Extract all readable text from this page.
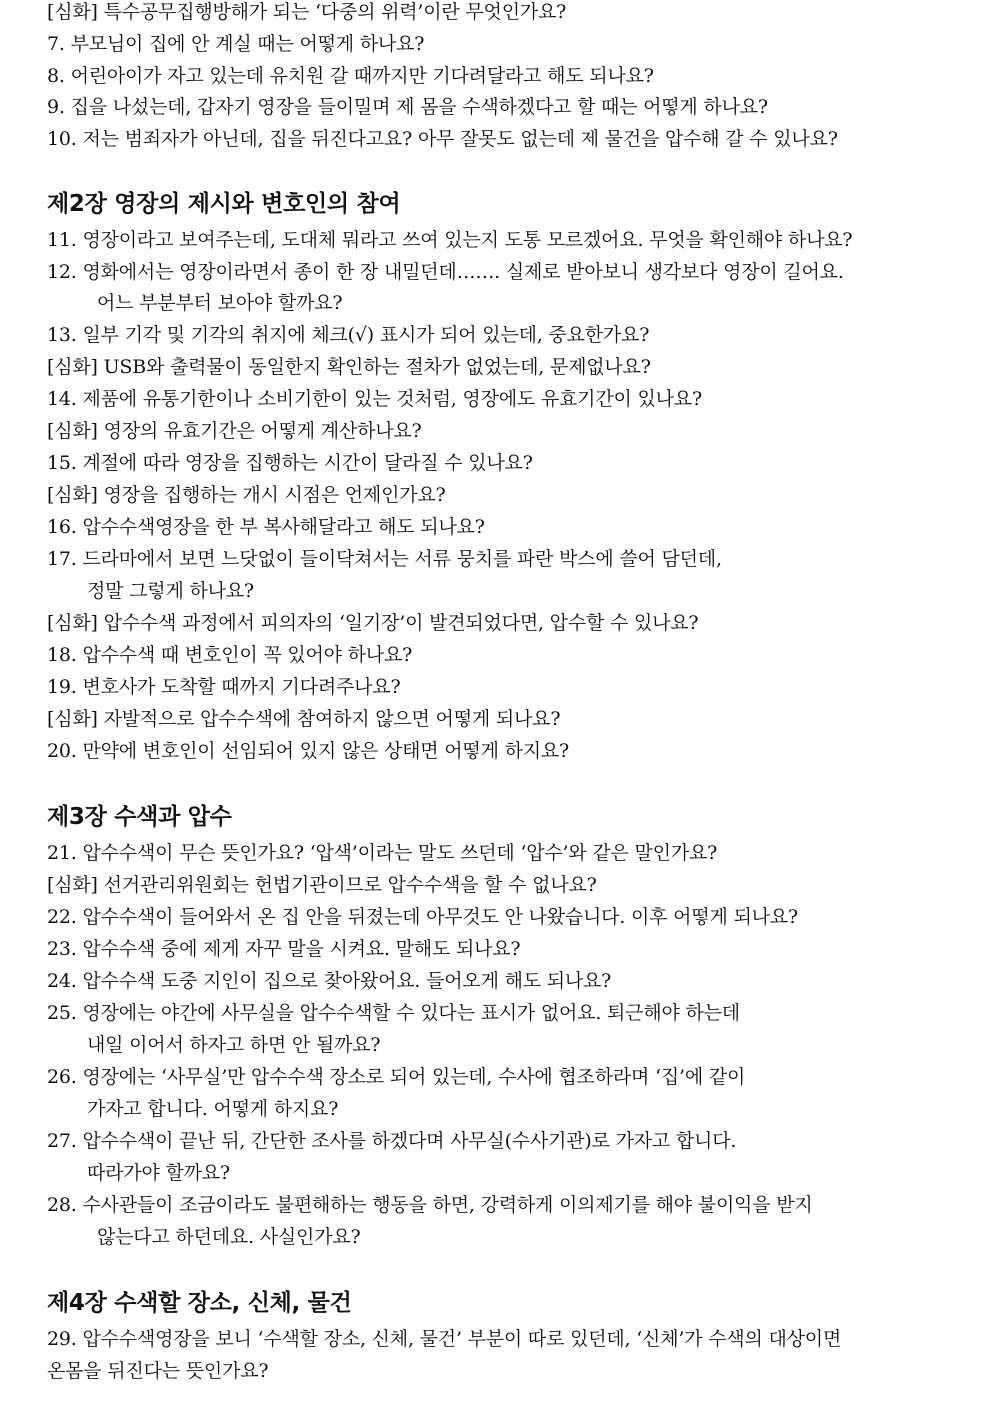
[심화] 특수공무집행방해가 되는 ‘다중의 위력’이란 무엇인가요?
7. 부모님이 집에 안 계실 때는 어떻게 하나요?
8. 어린아이가 자고 있는데 유치원 갈 때까지만 기다려달라고 해도 되나요?
9. 집을 나섰는데, 갑자기 영장을 들이밀며 제 몸을 수색하겠다고 할 때는 어떻게 하나요?
10. 저는 범죄자가 아닌데, 집을 뒤진다고요? 아무 잘못도 없는데 제 물건을 압수해 갈 수 있나요?
제2장 영장의 제시와 변호인의 참여
11. 영장이라고 보여주는데, 도대체 뭐라고 쓰여 있는지 도통 모르겠어요. 무엇을 확인해야 하나요?
12. 영화에서는 영장이라면서 종이 한 장 내밀던데……. 실제로 받아보니 생각보다 영장이 길어요.
어느 부분부터 보아야 할까요?
13. 일부 기각 및 기각의 취지에 체크(√) 표시가 되어 있는데, 중요한가요?
[심화] USB와 출력물이 동일한지 확인하는 절차가 없었는데, 문제없나요?
14. 제품에 유통기한이나 소비기한이 있는 것처럼, 영장에도 유효기간이 있나요?
[심화] 영장의 유효기간은 어떻게 계산하나요?
15. 계절에 따라 영장을 집행하는 시간이 달라질 수 있나요?
[심화] 영장을 집행하는 개시 시점은 언제인가요?
16. 압수수색영장을 한 부 복사해달라고 해도 되나요?
17. 드라마에서 보면 느닷없이 들이닥쳐서는 서류 뭉치를 파란 박스에 쓸어 담던데,
정말 그렇게 하나요?
[심화] 압수수색 과정에서 피의자의 ‘일기장’이 발견되었다면, 압수할 수 있나요?
18. 압수수색 때 변호인이 꼭 있어야 하나요?
19. 변호사가 도착할 때까지 기다려주나요?
[심화] 자발적으로 압수수색에 참여하지 않으면 어떻게 되나요?
20. 만약에 변호인이 선임되어 있지 않은 상태면 어떻게 하지요?
제3장 수색과 압수
21. 압수수색이 무슨 뜻인가요? ‘압색’이라는 말도 쓰던데 ‘압수’와 같은 말인가요?
[심화] 선거관리위원회는 헌법기관이므로 압수수색을 할 수 없나요?
22. 압수수색이 들어와서 온 집 안을 뒤졌는데 아무것도 안 나왔습니다. 이후 어떻게 되나요?
23. 압수수색 중에 제게 자꾸 말을 시켜요. 말해도 되나요?
24. 압수수색 도중 지인이 집으로 찾아왔어요. 들어오게 해도 되나요?
25. 영장에는 야간에 사무실을 압수수색할 수 있다는 표시가 없어요. 퇴근해야 하는데
내일 이어서 하자고 하면 안 될까요?
26. 영장에는 ‘사무실’만 압수수색 장소로 되어 있는데, 수사에 협조하라며 ‘집’에 같이
가자고 합니다. 어떻게 하지요?
27. 압수수색이 끝난 뒤, 간단한 조사를 하겠다며 사무실(수사기관)로 가자고 합니다.
따라가야 할까요?
28. 수사관들이 조금이라도 불편해하는 행동을 하면, 강력하게 이의제기를 해야 불이익을 받지
않는다고 하던데요. 사실인가요?
제4장 수색할 장소, 신체, 물건
29. 압수수색영장을 보니 ‘수색할 장소, 신체, 물건’ 부분이 따로 있던데, ‘신체’가 수색의 대상이면
온몸을 뒤진다는 뜻인가요?
